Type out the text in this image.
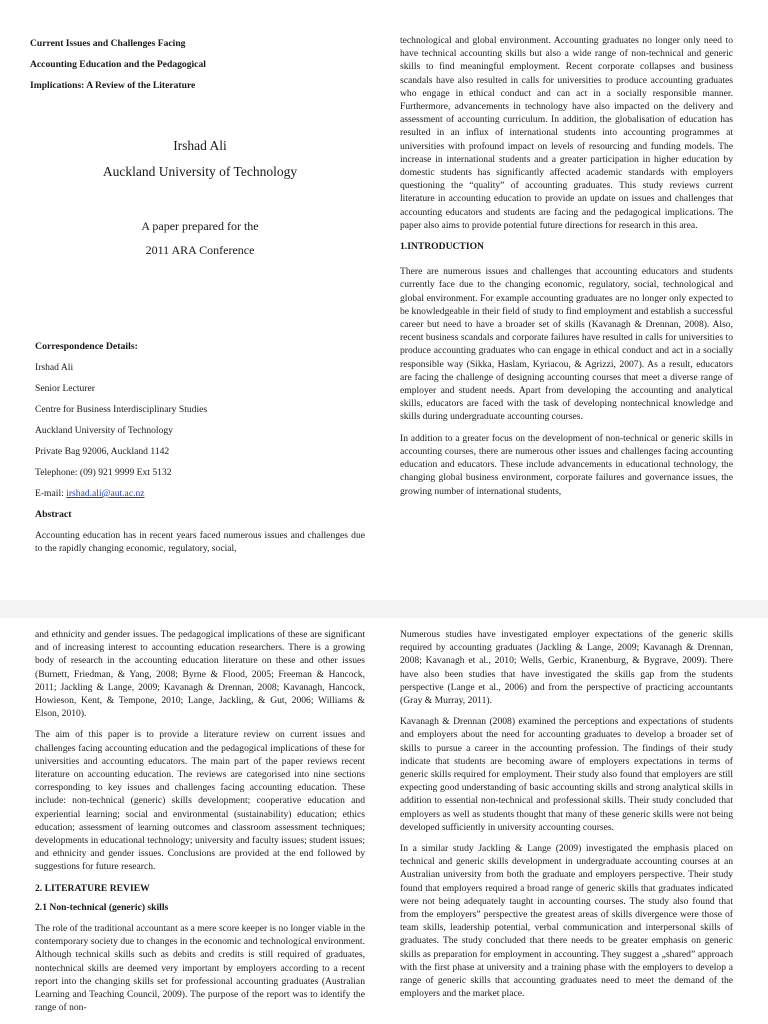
Current Issues and Challenges Facing

Accounting Education and the Pedagogical

Implications: A Review of the Literature

Irshad Ali

Auckland University of Technology

A paper prepared for the

2011 ARA Conference

Correspondence Details:

Irshad Ali

Senior Lecturer

Centre for Business Interdisciplinary Studies

Auckland University of Technology

Private Bag 92006, Auckland 1142

Telephone: (09) 921 9999 Ext 5132

E-mail: irshad.ali@aut.ac.nz

Abstract

Accounting education has in recent years faced numerous issues and challenges due to the rapidly changing economic, regulatory, social,

technological and global environment. Accounting graduates no longer only need to have technical accounting skills but also a wide range of non-technical and generic skills to find meaningful employment. Recent corporate collapses and business scandals have also resulted in calls for universities to produce accounting graduates who engage in ethical conduct and can act in a socially responsible manner. Furthermore, advancements in technology have also impacted on the delivery and assessment of accounting curriculum. In addition, the globalisation of education has resulted in an influx of international students into accounting programmes at universities with profound impact on levels of resourcing and funding models. The increase in international students and a greater participation in higher education by domestic students has significantly affected academic standards with employers questioning the “quality” of accounting graduates. This study reviews current literature in accounting education to provide an update on issues and challenges that accounting educators and students are facing and the pedagogical implications. The paper also aims to provide potential future directions for research in this area.

1.INTRODUCTION

There are numerous issues and challenges that accounting educators and students currently face due to the changing economic, regulatory, social, technological and global environment. For example accounting graduates are no longer only expected to be knowledgeable in their field of study to find employment and establish a successful career but need to have a broader set of skills (Kavanagh & Drennan, 2008). Also, recent business scandals and corporate failures have resulted in calls for universities to produce accounting graduates who can engage in ethical conduct and act in a socially responsible way (Sikka, Haslam, Kyriacou, & Agrizzi, 2007). As a result, educators are facing the challenge of designing accounting courses that meet a diverse range of employer and student needs. Apart from developing the accounting and analytical skills, educators are faced with the task of developing nontechnical knowledge and skills during undergraduate accounting courses.

In addition to a greater focus on the development of non-technical or generic skills in accounting courses, there are numerous other issues and challenges facing accounting education and educators. These include advancements in educational technology, the changing global business environment, corporate failures and governance issues, the growing number of international students,

and ethnicity and gender issues. The pedagogical implications of these are significant and of increasing interest to accounting education researchers. There is a growing body of research in the accounting education literature on these and other issues (Burnett, Friedman, & Yang, 2008; Byrne & Flood, 2005; Freeman & Hancock, 2011; Jackling & Lange, 2009; Kavanagh & Drennan, 2008; Kavanagh, Hancock, Howieson, Kent, & Tempone, 2010; Lange, Jackling, & Gut, 2006; Williams & Elson, 2010).

The aim of this paper is to provide a literature review on current issues and challenges facing accounting education and the pedagogical implications of these for universities and accounting educators. The main part of the paper reviews recent literature on accounting education. The reviews are categorised into nine sections corresponding to key issues and challenges facing accounting education. These include: non-technical (generic) skills development; cooperative education and experiential learning; social and environmental (sustainability) education; ethics education; assessment of learning outcomes and classroom assessment techniques; developments in educational technology; university and faculty issues; student issues; and ethnicity and gender issues. Conclusions are provided at the end followed by suggestions for future research.

2. LITERATURE REVIEW

2.1 Non-technical (generic) skills

The role of the traditional accountant as a mere score keeper is no longer viable in the contemporary society due to changes in the economic and technological environment. Although technical skills such as debits and credits is still required of graduates, nontechnical skills are deemed very important by employers according to a recent report into the changing skills set for professional accounting graduates (Australian Learning and Teaching Council, 2009). The purpose of the report was to identify the range of non-

Numerous studies have investigated employer expectations of the generic skills required by accounting graduates (Jackling & Lange, 2009; Kavanagh & Drennan, 2008; Kavanagh et al., 2010; Wells, Gerbic, Kranenburg, & Bygrave, 2009). There have also been studies that have investigated the skills gap from the students perspective (Lange et al., 2006) and from the perspective of practicing accountants (Gray & Murray, 2011).

Kavanagh & Drennan (2008) examined the perceptions and expectations of students and employers about the need for accounting graduates to develop a broader set of skills to pursue a career in the accounting profession. The findings of their study indicate that students are becoming aware of employers expectations in terms of generic skills required for employment. Their study also found that employers are still expecting good understanding of basic accounting skills and strong analytical skills in addition to essential non-technical and professional skills. Their study concluded that employers as well as students thought that many of these generic skills were not being developed sufficiently in university accounting courses.

In a similar study Jackling & Lange (2009) investigated the emphasis placed on technical and generic skills development in undergraduate accounting courses at an Australian university from both the graduate and employers perspective. Their study found that employers required a broad range of generic skills that graduates indicated were not being adequately taught in accounting courses. The study also found that from the employers” perspective the greatest areas of skills divergence were those of team skills, leadership potential, verbal communication and interpersonal skills of graduates. The study concluded that there needs to be greater emphasis on generic skills as preparation for employment in accounting. They suggest a „shared” approach with the first phase at university and a training phase with the employers to develop a range of generic skills that accounting graduates need to meet the demand of the employers and the market place.
